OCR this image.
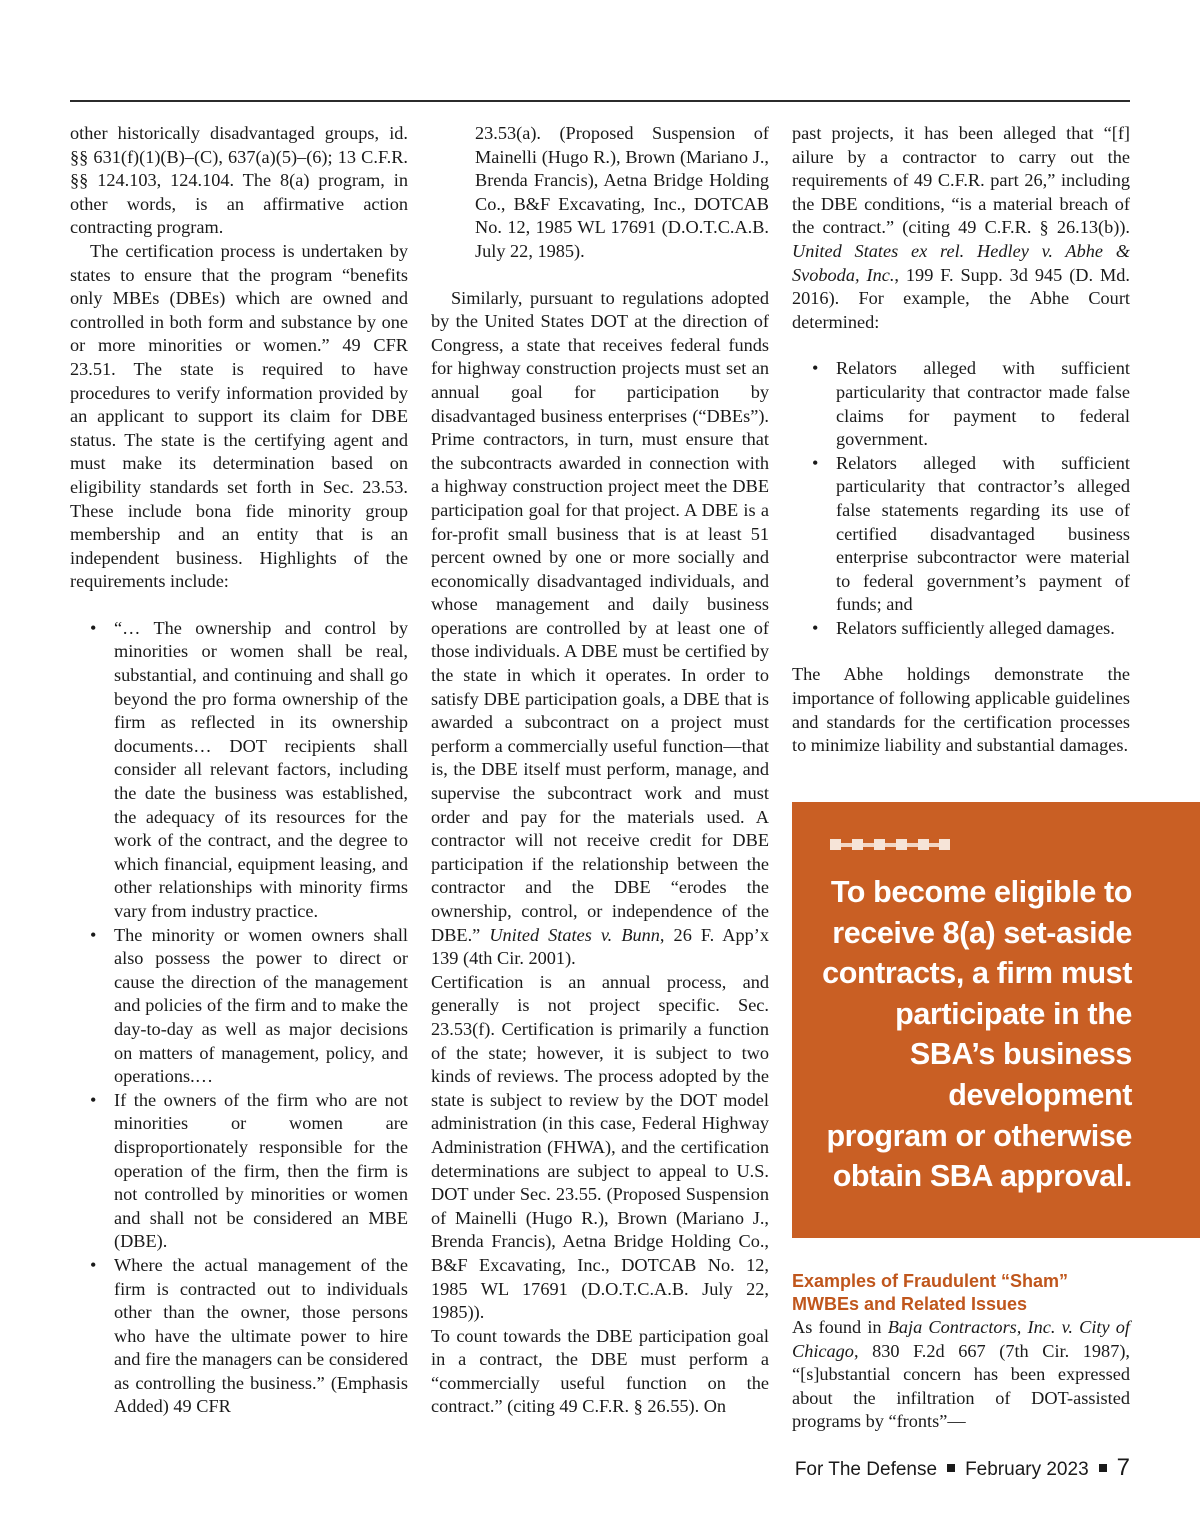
other historically disadvantaged groups, id. §§ 631(f)(1)(B)–(C), 637(a)(5)–(6); 13 C.F.R. §§ 124.103, 124.104. The 8(a) program, in other words, is an affirmative action contracting program.

The certification process is undertaken by states to ensure that the program “benefits only MBEs (DBEs) which are owned and controlled in both form and substance by one or more minorities or women.” 49 CFR 23.51. The state is required to have procedures to verify information provided by an applicant to support its claim for DBE status. The state is the certifying agent and must make its determination based on eligibility standards set forth in Sec. 23.53. These include bona fide minority group membership and an entity that is an independent business. Highlights of the requirements include:

• “… The ownership and control by minorities or women shall be real, substantial, and continuing and shall go beyond the pro forma ownership of the firm as reflected in its ownership documents… DOT recipients shall consider all relevant factors, including the date the business was established, the adequacy of its resources for the work of the contract, and the degree to which financial, equipment leasing, and other relationships with minority firms vary from industry practice.
• The minority or women owners shall also possess the power to direct or cause the direction of the management and policies of the firm and to make the day-to-day as well as major decisions on matters of management, policy, and operations.…
• If the owners of the firm who are not minorities or women are disproportionately responsible for the operation of the firm, then the firm is not controlled by minorities or women and shall not be considered an MBE (DBE).
• Where the actual management of the firm is contracted out to individuals other than the owner, those persons who have the ultimate power to hire and fire the managers can be considered as controlling the business.” (Emphasis Added) 49 CFR

23.53(a). (Proposed Suspension of Mainelli (Hugo R.), Brown (Mariano J., Brenda Francis), Aetna Bridge Holding Co., B&F Excavating, Inc., DOTCAB No. 12, 1985 WL 17691 (D.O.T.C.A.B. July 22, 1985).

Similarly, pursuant to regulations adopted by the United States DOT at the direction of Congress, a state that receives federal funds for highway construction projects must set an annual goal for participation by disadvantaged business enterprises (“DBEs”). Prime contractors, in turn, must ensure that the subcontracts awarded in connection with a highway construction project meet the DBE participation goal for that project. A DBE is a for-profit small business that is at least 51 percent owned by one or more socially and economically disadvantaged individuals, and whose management and daily business operations are controlled by at least one of those individuals. A DBE must be certified by the state in which it operates. In order to satisfy DBE participation goals, a DBE that is awarded a subcontract on a project must perform a commercially useful function—that is, the DBE itself must perform, manage, and supervise the subcontract work and must order and pay for the materials used. A contractor will not receive credit for DBE participation if the relationship between the contractor and the DBE “erodes the ownership, control, or independence of the DBE.” United States v. Bunn, 26 F. App’x 139 (4th Cir. 2001).

Certification is an annual process, and generally is not project specific. Sec. 23.53(f). Certification is primarily a function of the state; however, it is subject to two kinds of reviews. The process adopted by the state is subject to review by the DOT model administration (in this case, Federal Highway Administration (FHWA), and the certification determinations are subject to appeal to U.S. DOT under Sec. 23.55. (Proposed Suspension of Mainelli (Hugo R.), Brown (Mariano J., Brenda Francis), Aetna Bridge Holding Co., B&F Excavating, Inc., DOTCAB No. 12, 1985 WL 17691 (D.O.T.C.A.B. July 22, 1985)).

To count towards the DBE participation goal in a contract, the DBE must perform a “commercially useful function on the contract.” (citing 49 C.F.R. § 26.55). On

past projects, it has been alleged that “[f] ailure by a contractor to carry out the requirements of 49 C.F.R. part 26,” including the DBE conditions, “is a material breach of the contract.” (citing 49 C.F.R. § 26.13(b)). United States ex rel. Hedley v. Abhe & Svoboda, Inc., 199 F. Supp. 3d 945 (D. Md. 2016). For example, the Abhe Court determined:

• Relators alleged with sufficient particularity that contractor made false claims for payment to federal government.
• Relators alleged with sufficient particularity that contractor’s alleged false statements regarding its use of certified disadvantaged business enterprise subcontractor were material to federal government’s payment of funds; and
• Relators sufficiently alleged damages.

The Abhe holdings demonstrate the importance of following applicable guidelines and standards for the certification processes to minimize liability and substantial damages.

To become eligible to receive 8(a) set-aside contracts, a firm must participate in the SBA’s business development program or otherwise obtain SBA approval.
Examples of Fraudulent “Sham” MWBEs and Related Issues

As found in Baja Contractors, Inc. v. City of Chicago, 830 F.2d 667 (7th Cir. 1987), “[s]ubstantial concern has been expressed about the infiltration of DOT-assisted programs by “fronts”—

For The Defense February 2023 7
